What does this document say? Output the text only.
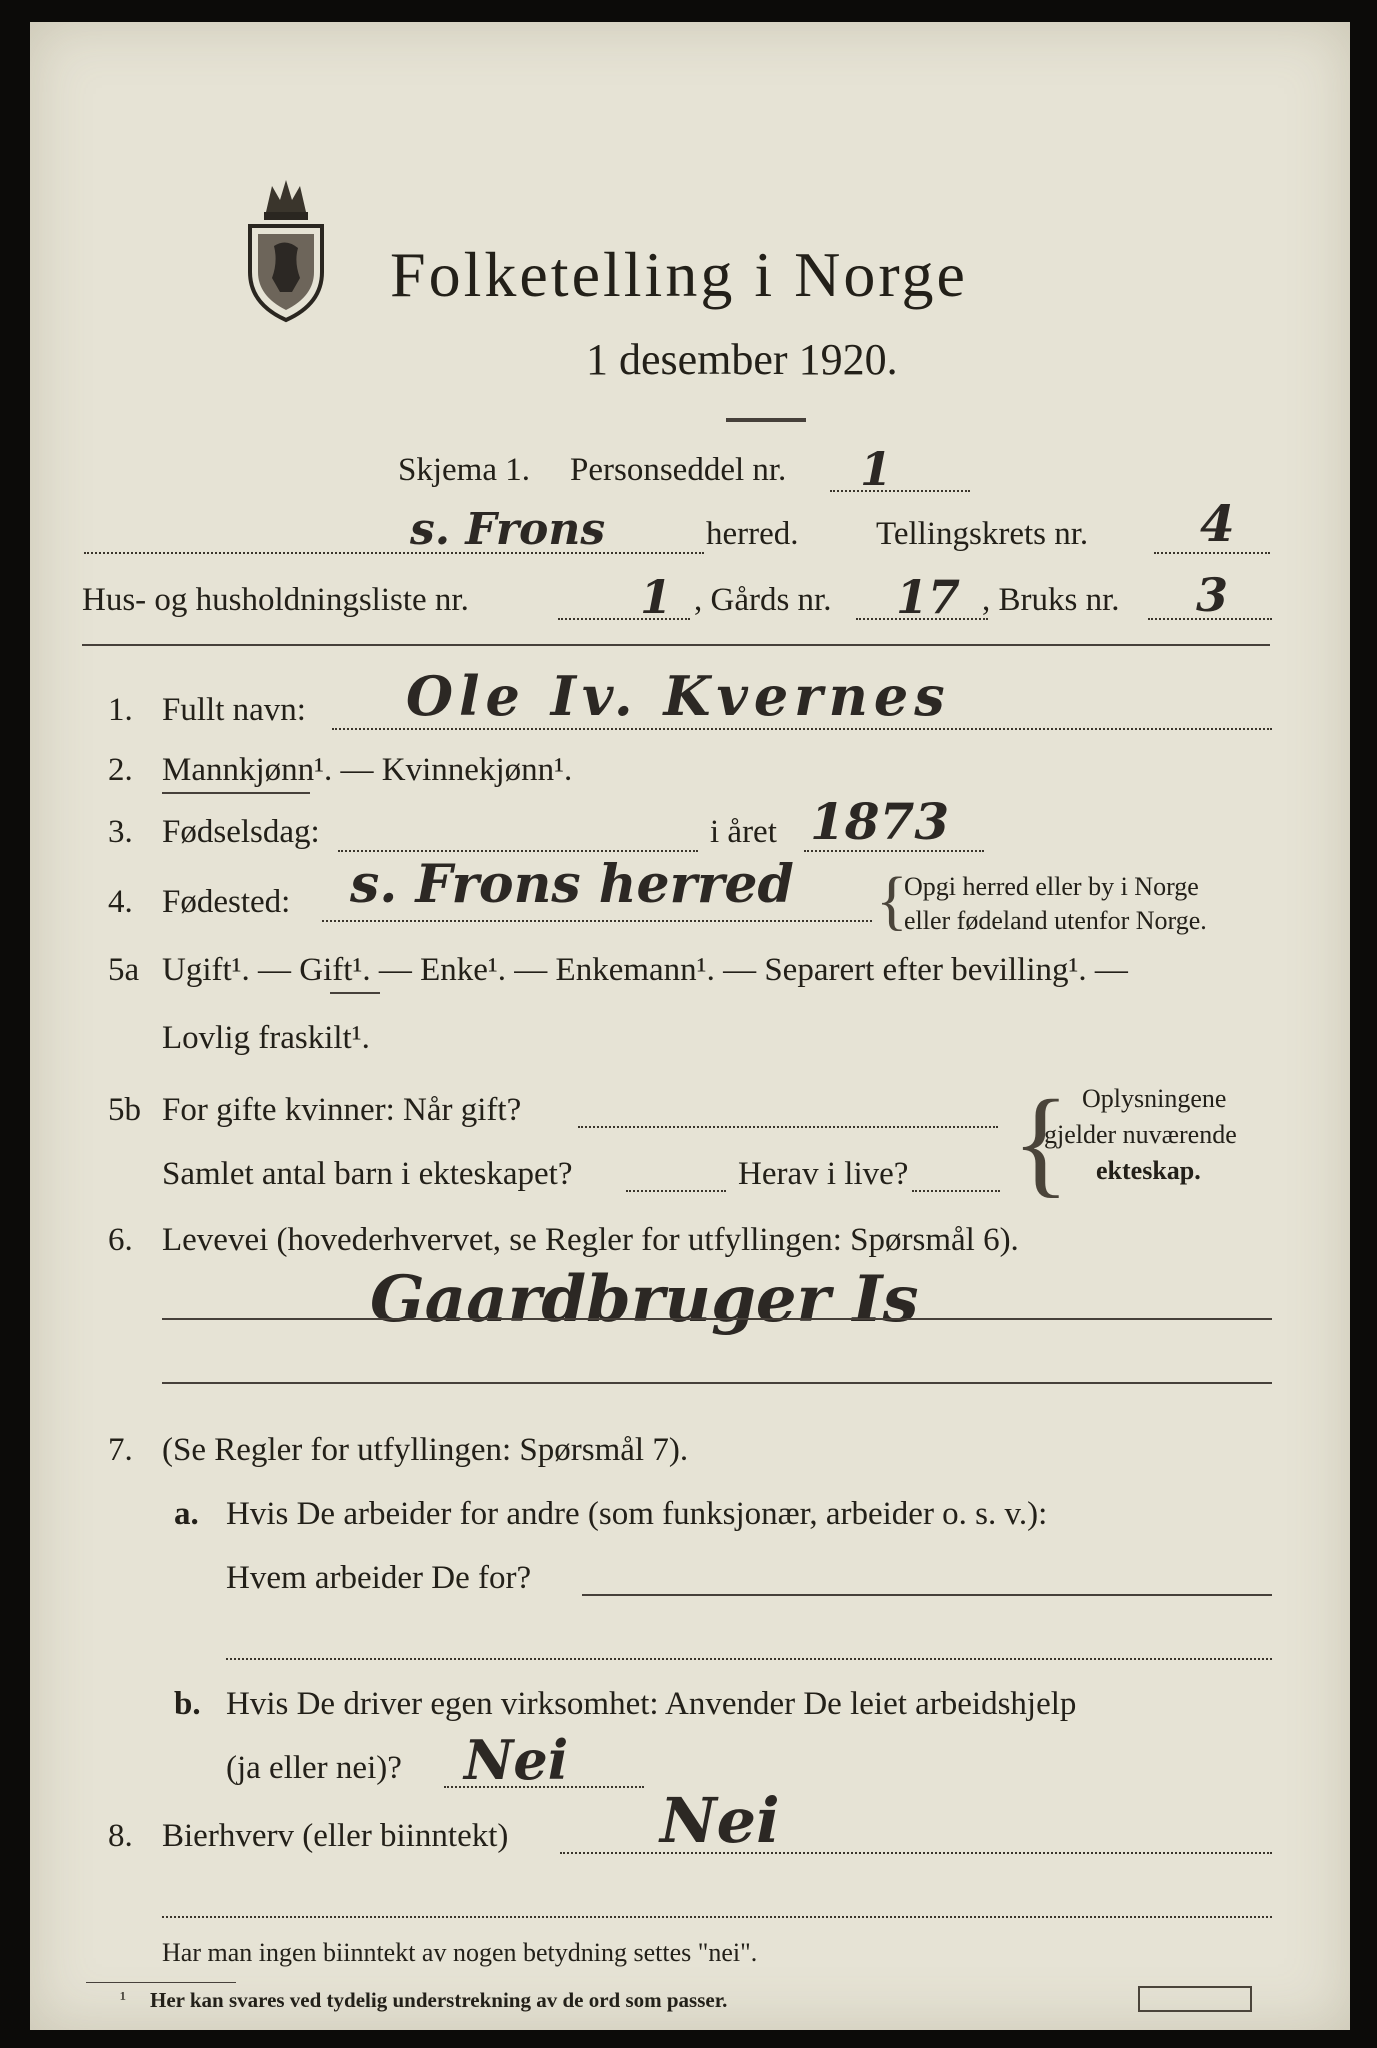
Folketelling i Norge
1 desember 1920.
Skjema 1. Personseddel nr. 1
s. Frons	herred. Tellingskrets nr. 4
Hus- og husholdningsliste nr.	1 , Gårds nr. 17 , Bruks nr. 3
1. Fullt navn: Ole Iv. Kvernes
2. Mannkjønn¹. — Kvinnekjønn¹.
3. Fødselsdag:	i året 1873
4. Fødested: s. Frons herred {
Opgi herred eller by i Norge
eller fødeland utenfor Norge.
5a Ugift¹. — Gift¹. — Enke¹. — Enkemann¹. — Separert efter bevilling¹. —
Lovlig fraskilt¹.
5b For gifte kvinner: Når gift?
Samlet antal barn i ekteskapet?	Herav i live? { Oplysningene
gjelder nuværende
ekteskap.
6. Levevei (hovederhvervet, se Regler for utfyllingen: Spørsmål 6).
Gaardbruger Is
7. (Se Regler for utfyllingen: Spørsmål 7).
a. Hvis De arbeider for andre (som funksjonær, arbeider o. s. v.):
Hvem arbeider De for?
b. Hvis De driver egen virksomhet: Anvender De leiet arbeidshjelp
(ja eller nei)? Nei
8. Bierhverv (eller biinntekt) Nei
Har man ingen biinntekt av nogen betydning settes "nei".
¹ Her kan svares ved tydelig understrekning av de ord som passer.
